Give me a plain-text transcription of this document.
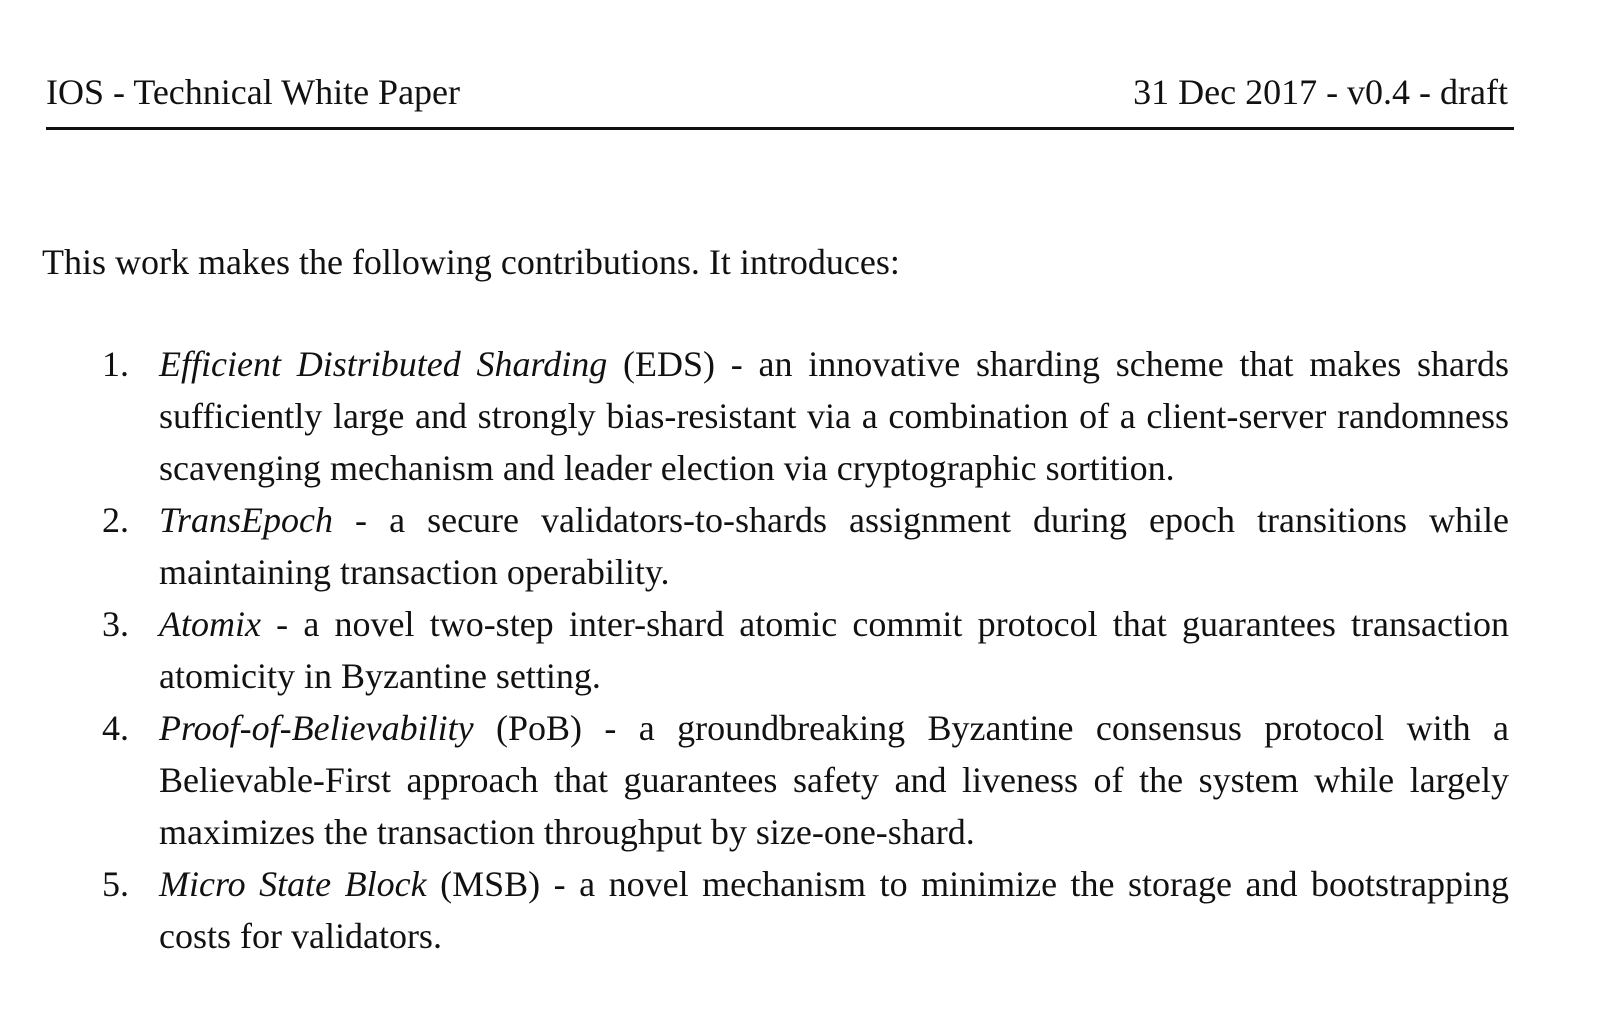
IOS - Technical White Paper	31 Dec 2017 - v0.4 - draft
This work makes the following contributions. It introduces:
1. Efficient Distributed Sharding (EDS) - an innovative sharding scheme that makes shards sufficiently large and strongly bias-resistant via a combination of a client-server randomness scavenging mechanism and leader election via cryptographic sortition.
2. TransEpoch - a secure validators-to-shards assignment during epoch transitions while maintaining transaction operability.
3. Atomix - a novel two-step inter-shard atomic commit protocol that guarantees transaction atomicity in Byzantine setting.
4. Proof-of-Believability (PoB) - a groundbreaking Byzantine consensus protocol with a Believable-First approach that guarantees safety and liveness of the system while largely maximizes the transaction throughput by size-one-shard.
5. Micro State Block (MSB) - a novel mechanism to minimize the storage and bootstrapping costs for validators.
